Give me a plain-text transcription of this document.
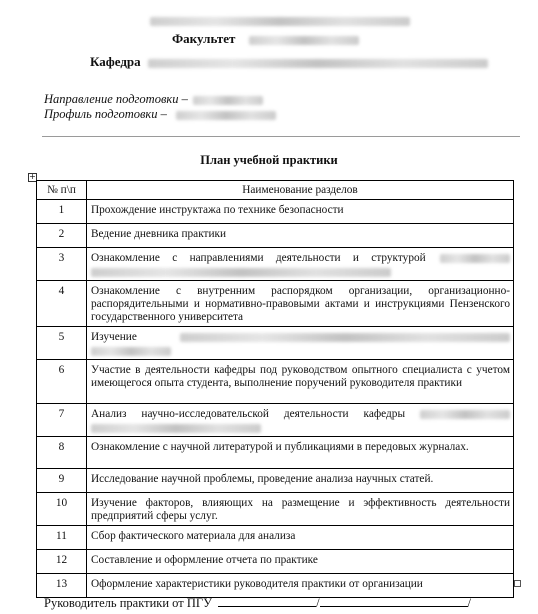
Факультет
Кафедра
Направление подготовки –
Профиль подготовки –
План учебной практики
+
№ п\п	Наименование разделов
1	Прохождение инструктажа по технике безопасности
2	Ведение дневника практики
3	Ознакомление с направлениями деятельности и структурой
4	Ознакомление с внутренним распорядком организации, организационно-распорядительными и нормативно-правовыми актами и инструкциями Пензенского государственного университета
5	Изучение
6	Участие в деятельности кафедры под руководством опытного специалиста с учетом имеющегося опыта студента, выполнение поручений руководителя практики
7	Анализ научно-исследовательской деятельности кафедры
8	Ознакомление с научной литературой и публикациями в передовых журналах.
9	Исследование научной проблемы, проведение анализа научных статей.
10	Изучение факторов, влияющих на размещение и эффективность деятельности предприятий сферы услуг.
11	Сбор фактического материала для анализа
12	Составление и оформление отчета по практике
13	Оформление характеристики руководителя практики от организации
Руководитель практики от ПГУ	/	/
